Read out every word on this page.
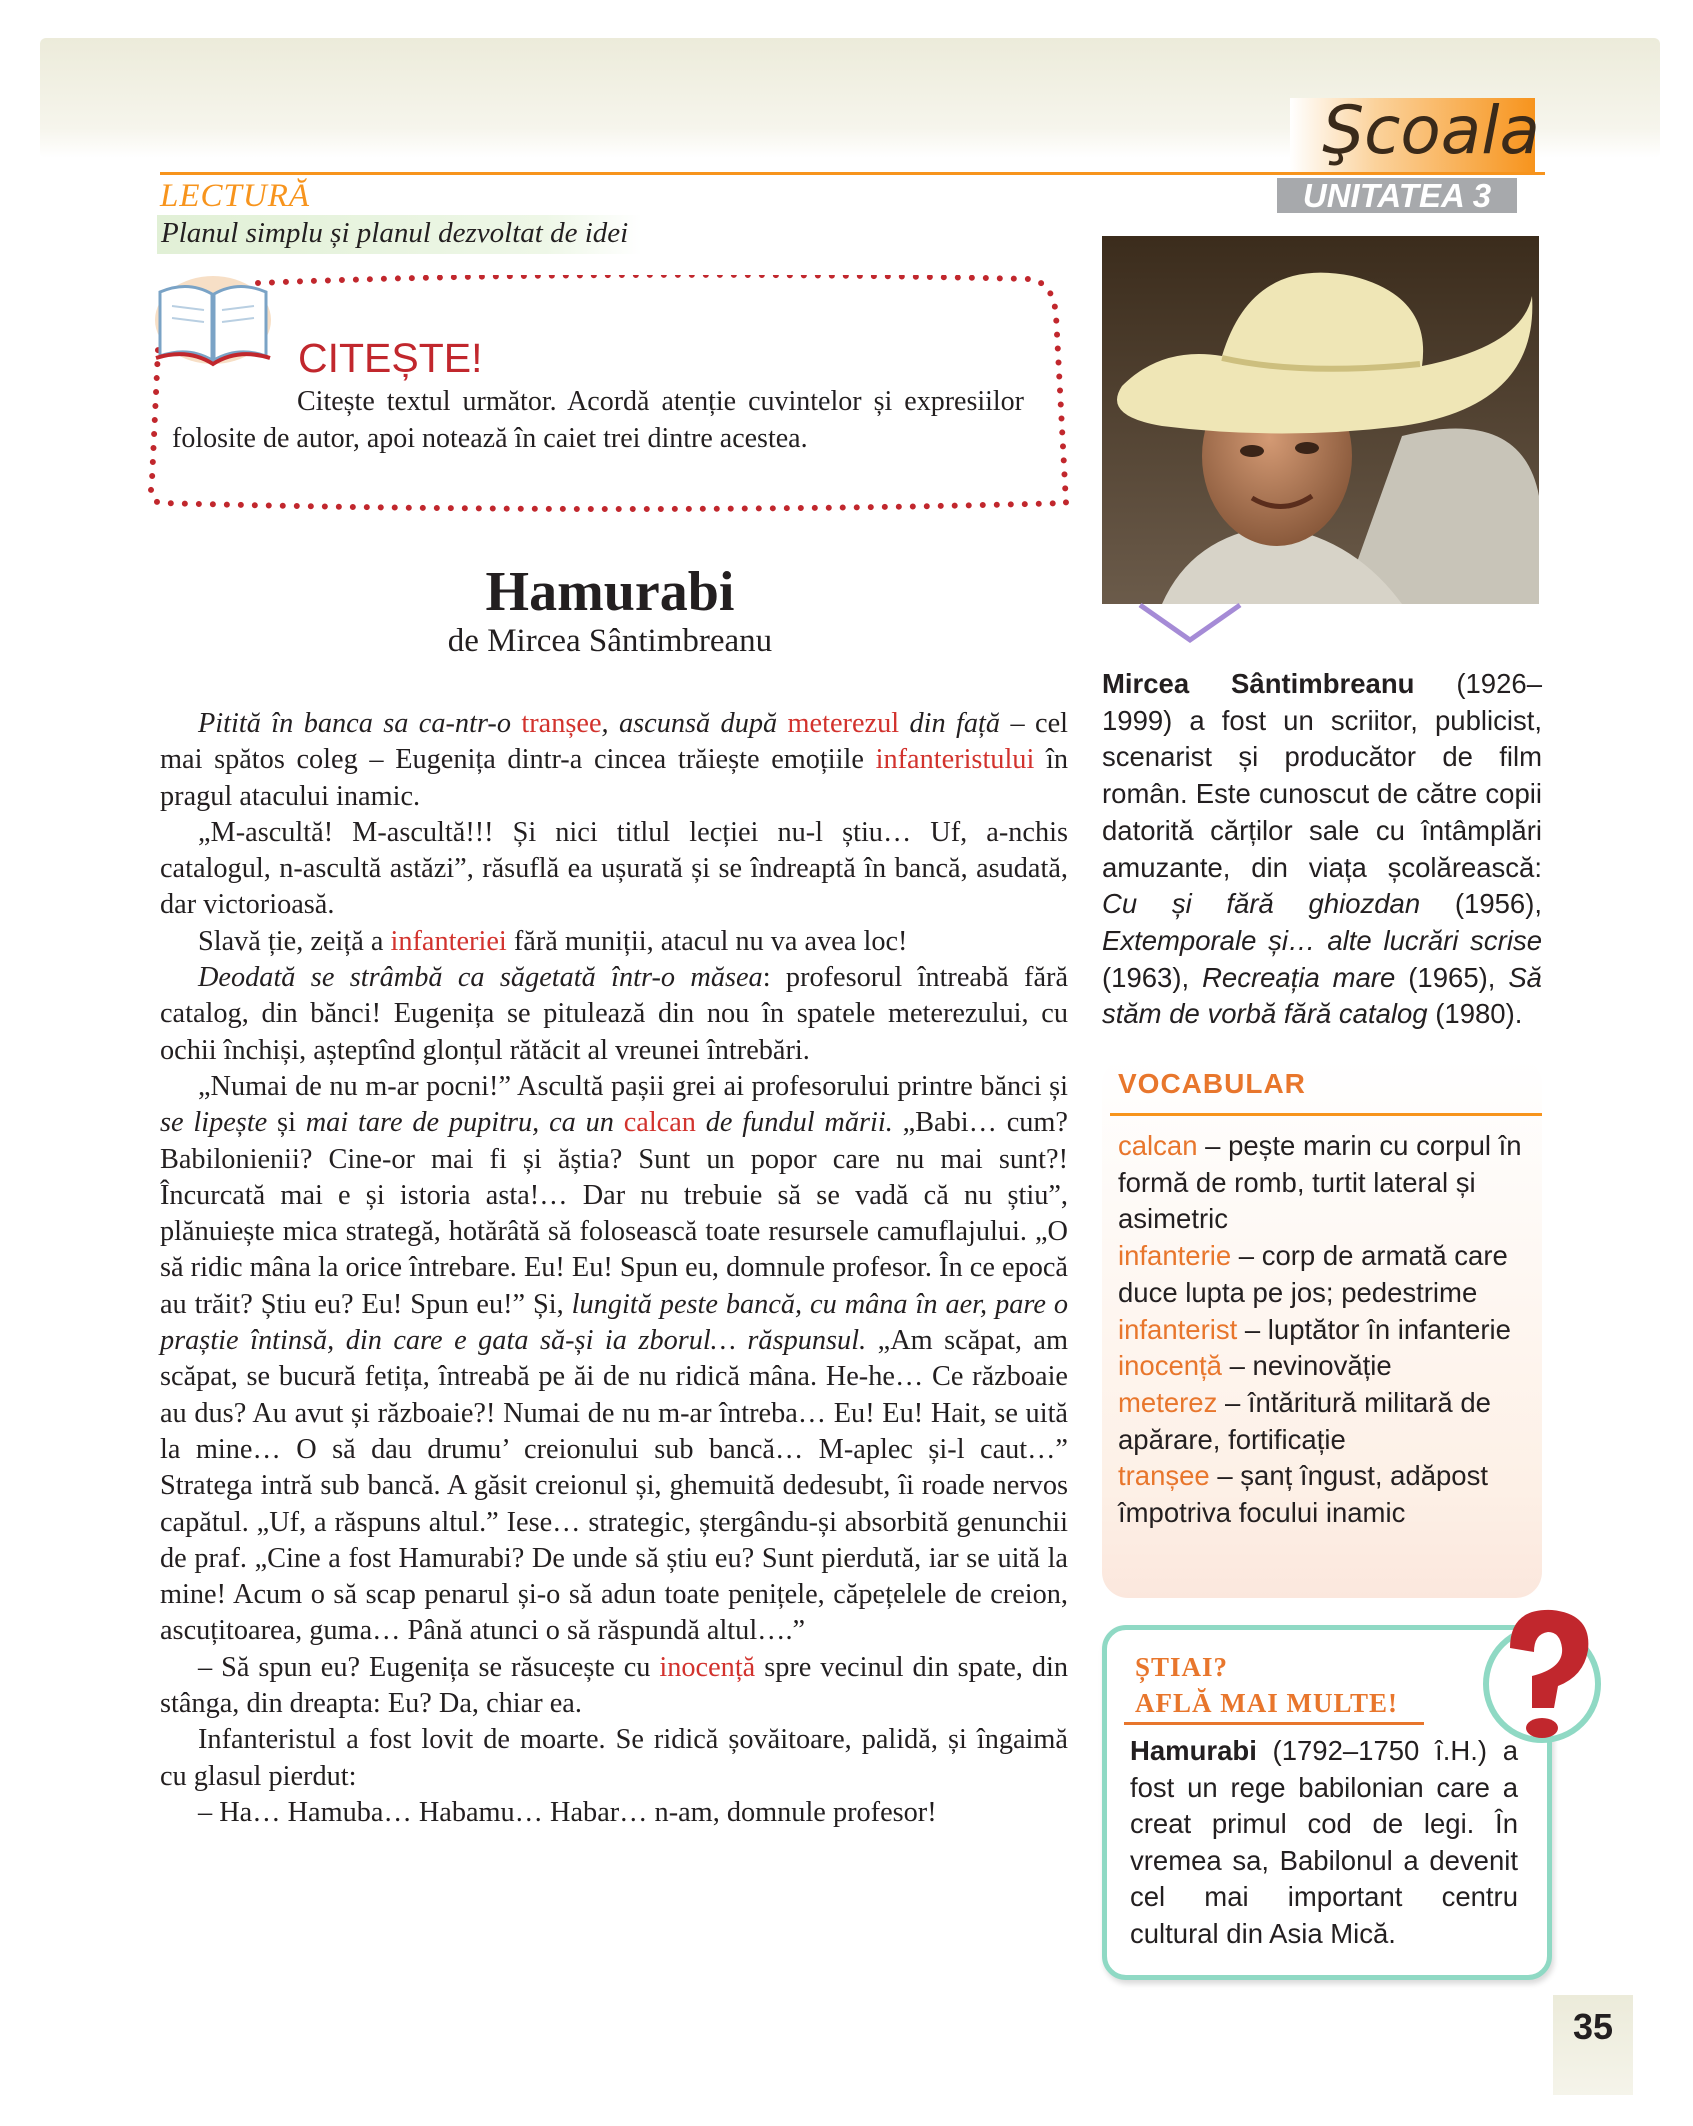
Şcoala
UNITATEA 3
LECTURĂ
Planul simplu și planul dezvoltat de idei
CITEȘTE!
Citește textul următor. Acordă atenție cuvintelor și expresiilor folosite de autor, apoi notează în caiet trei dintre acestea.
Hamurabi
de Mircea Sântimbreanu

Pitită în banca sa ca-ntr-o tranșee, ascunsă după meterezul din față – cel mai spătos coleg – Eugenița dintr-a cincea trăiește emoțiile infanteristului în pragul atacului inamic.

„M-ascultă! M-ascultă!!! Și nici titlul lecției nu-l știu… Uf, a-nchis catalogul, n-ascultă astăzi”, răsuflă ea ușurată și se îndreaptă în bancă, asudată, dar victorioasă.

Slavă ție, zeiță a infanteriei fără muniții, atacul nu va avea loc!

Deodată se strâmbă ca săgetată într-o măsea: profesorul întreabă fără catalog, din bănci! Eugenița se pitulează din nou în spatele meterezului, cu ochii închiși, așteptînd glonțul rătăcit al vreunei întrebări.

„Numai de nu m-ar pocni!” Ascultă pașii grei ai profesorului printre bănci și se lipește și mai tare de pupitru, ca un calcan de fundul mării. „Babi… cum? Babilonienii? Cine-or mai fi și ăștia? Sunt un popor care nu mai sunt?! Încurcată mai e și istoria asta!… Dar nu trebuie să se vadă că nu știu”, plănuiește mica strategă, hotărâtă să folosească toate resursele camuflajului. „O să ridic mâna la orice întrebare. Eu! Eu! Spun eu, domnule profesor. În ce epocă au trăit? Știu eu? Eu! Spun eu!” Și, lungită peste bancă, cu mâna în aer, pare o praștie întinsă, din care e gata să-și ia zborul… răspunsul. „Am scăpat, am scăpat, se bucură fetița, întreabă pe ăi de nu ridică mâna. He-he… Ce războaie au dus? Au avut și războaie?! Numai de nu m-ar întreba… Eu! Eu! Hait, se uită la mine… O să dau drumu’ creionului sub bancă… M-aplec și-l caut…” Stratega intră sub bancă. A găsit creionul și, ghemuită dedesubt, îi roade nervos capătul. „Uf, a răspuns altul.” Iese… strategic, ștergându-și absorbită genunchii de praf. „Cine a fost Hamurabi? De unde să știu eu? Sunt pierdută, iar se uită la mine! Acum o să scap penarul și-o să adun toate penițele, căpețelele de creion, ascuțitoarea, guma… Până atunci o să răspundă altul….”

– Să spun eu? Eugenița se răsucește cu inocență spre vecinul din spate, din stânga, din dreapta: Eu? Da, chiar ea.

Infanteristul a fost lovit de moarte. Se ridică șovăitoare, palidă, și îngaimă cu glasul pierdut:

– Ha… Hamuba… Habamu… Habar… n-am, domnule profesor!

Mircea Sântimbreanu (1926–1999) a fost un scriitor, publicist, scenarist și producător de film român. Este cunoscut de către copii datorită cărților sale cu întâmplări amuzante, din viața școlărească: Cu și fără ghiozdan (1956), Extemporale și… alte lucrări scrise (1963), Recreația mare (1965), Să stăm de vorbă fără catalog (1980).
VOCABULAR
calcan – pește marin cu corpul în formă de romb, turtit lateral și asimetric
infanterie – corp de armată care duce lupta pe jos; pedestrime
infanterist – luptător în infanterie
inocență – nevinovăție
meterez – întăritură militară de apărare, fortificație
tranșee – șanț îngust, adăpost împotriva focului inamic
ȘTIAI?
AFLĂ MAI MULTE!
Hamurabi (1792–1750 î.H.) a fost un rege babilonian care a creat primul cod de legi. În vremea sa, Babilonul a devenit cel mai important centru cultural din Asia Mică.
35
